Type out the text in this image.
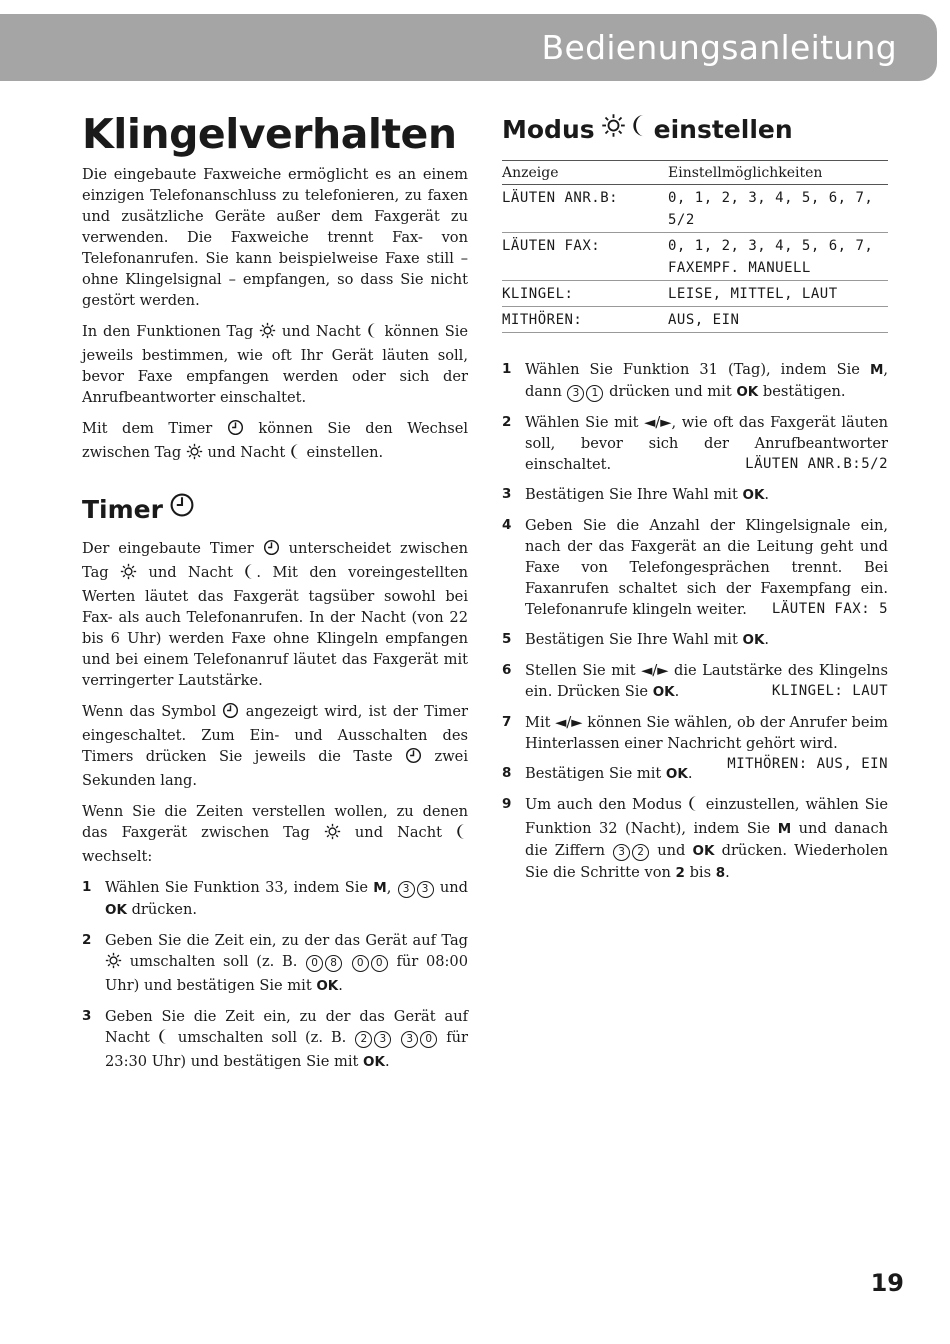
Bedienungsanleitung
Klingelverhalten

Die eingebaute Faxweiche ermöglicht es an einem einzigen Telefonanschluss zu telefonieren, zu faxen und zusätzliche Geräte außer dem Faxgerät zu verwenden. Die Faxweiche trennt Fax- von Telefonanrufen. Sie kann beispielweise Faxe still – ohne Klingelsignal – empfangen, so dass Sie nicht gestört werden.

In den Funktionen Tag und Nacht können Sie jeweils bestimmen, wie oft Ihr Gerät läuten soll, bevor Faxe empfangen werden oder sich der Anrufbeantworter einschaltet.

Mit dem Timer	können Sie den Wechsel zwischen Tag und Nacht einstellen.

Timer

Der eingebaute Timer unterscheidet zwischen Tag	und Nacht . Mit den voreingestellten Werten läutet das Faxgerät tagsüber sowohl bei Fax- als auch Telefonanrufen. In der Nacht (von 22 bis 6 Uhr) werden Faxe ohne Klingeln empfangen und bei einem Telefonanruf läutet das Faxgerät mit verringerter Lautstärke.

Wenn das Symbol angezeigt wird, ist der Timer eingeschaltet. Zum Ein- und Ausschalten des Timers drücken Sie jeweils die Taste	zwei Sekunden lang.

Wenn Sie die Zeiten verstellen wollen, zu denen das Faxgerät zwischen Tag	und Nacht  wechselt:

1 Wählen Sie Funktion 33, indem Sie M, 3 3 und OK drücken.
2 Geben Sie die Zeit ein, zu der das Gerät auf Tag  umschalten soll (z. B. 0 8 0 0 für 08:00 Uhr) und bestätigen Sie mit OK.
3 Geben Sie die Zeit ein, zu der das Gerät auf Nacht umschalten soll (z. B. 2 3 3 0 für 23:30 Uhr) und bestätigen Sie mit OK.
Modus einstellen
Anzeige	Einstellmöglichkeiten
LÄUTEN ANR.B:	0, 1, 2, 3, 4, 5, 6, 7, 5/2
LÄUTEN FAX:	0, 1, 2, 3, 4, 5, 6, 7, FAXEMPF. MANUELL
KLINGEL:	LEISE, MITTEL, LAUT
MITHÖREN:	AUS, EIN
1 Wählen Sie Funktion 31 (Tag), indem Sie M, dann 3 1 drücken und mit OK bestätigen.
2 Wählen Sie mit ◄/►, wie oft das Faxgerät läuten soll, bevor sich der Anrufbeantworter einschaltet.	LÄUTEN ANR.B:5/2
3 Bestätigen Sie Ihre Wahl mit OK.
4 Geben Sie die Anzahl der Klingelsignale ein, nach der das Faxgerät an die Leitung geht und Faxe von Telefongesprächen trennt. Bei Faxanrufen schaltet sich der Faxempfang ein. Telefonanrufe klingeln weiter. LÄUTEN FAX: 5
5 Bestätigen Sie Ihre Wahl mit OK.
6 Stellen Sie mit ◄/► die Lautstärke des Klingelns ein. Drücken Sie OK.	KLINGEL: LAUT
7 Mit ◄/► können Sie wählen, ob der Anrufer beim Hinterlassen einer Nachricht gehört wird.
MITHÖREN: AUS, EIN
8 Bestätigen Sie mit OK.
9 Um auch den Modus einzustellen, wählen Sie Funktion 32 (Nacht), indem Sie M und danach die Ziffern 3 2 und OK drücken. Wiederholen Sie die Schritte von 2 bis 8.
19
